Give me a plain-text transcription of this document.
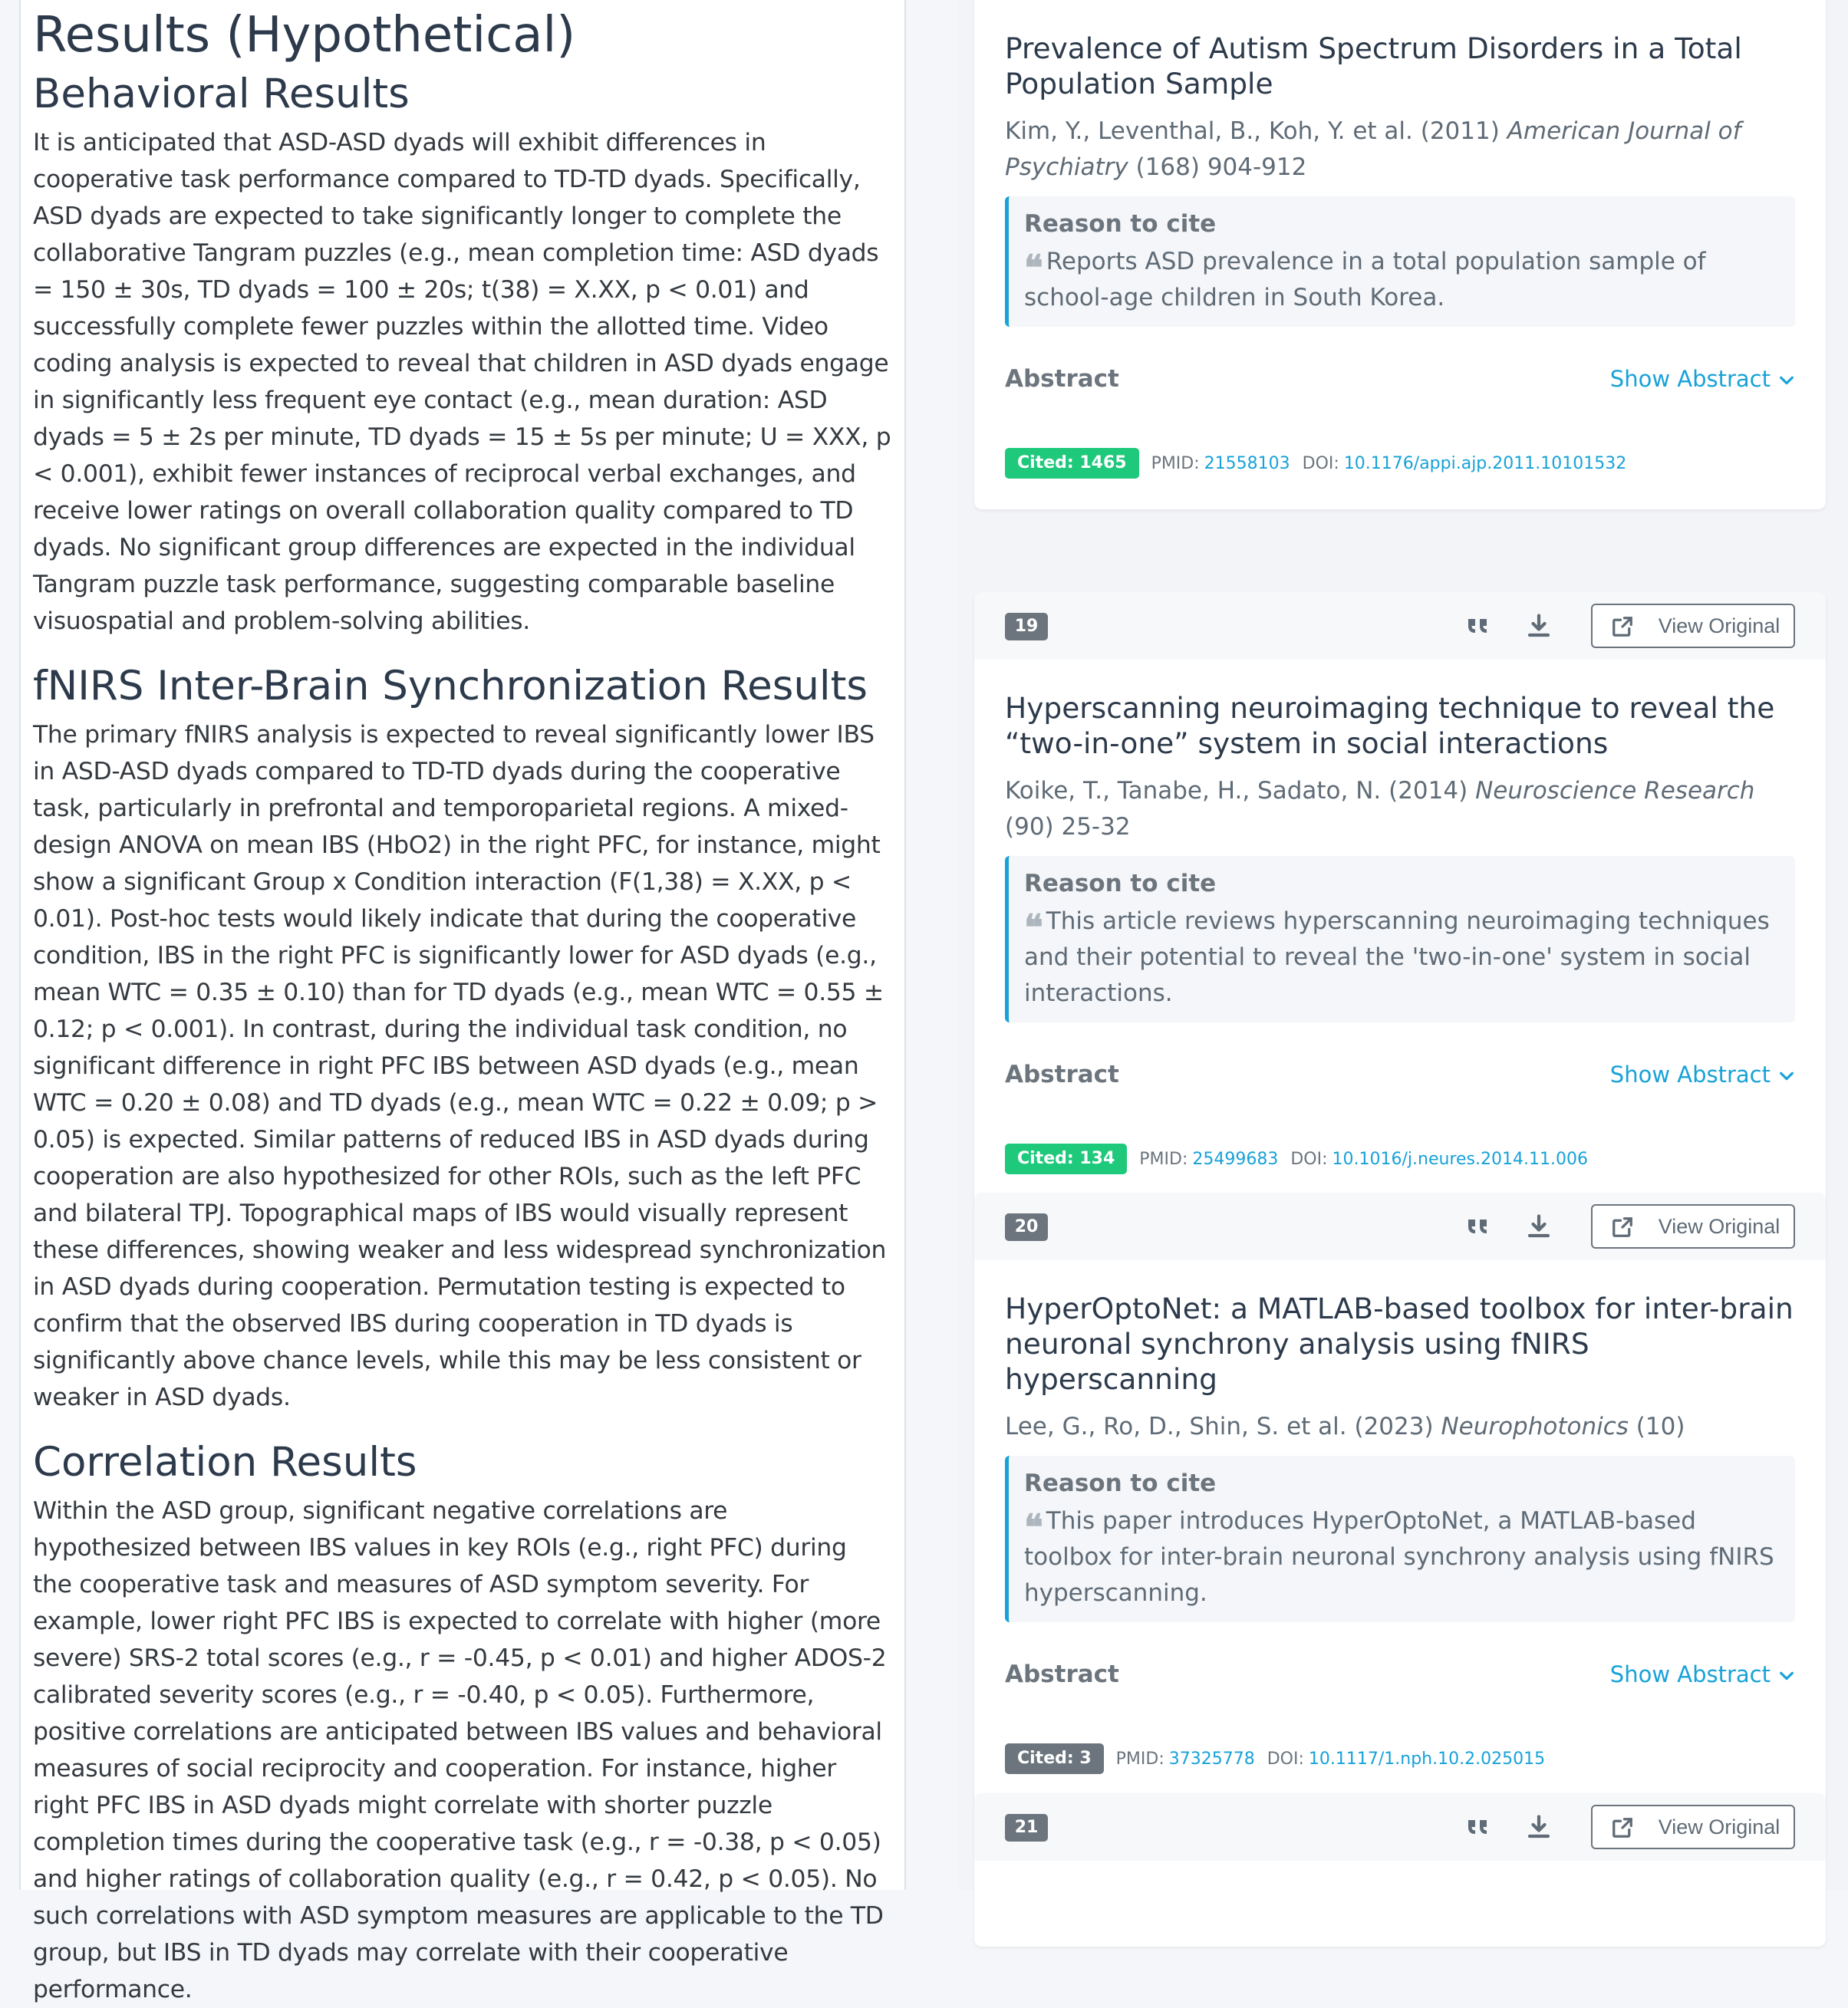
Results (Hypothetical)
Behavioral Results

It is anticipated that ASD-ASD dyads will exhibit differences in cooperative task performance compared to TD-TD dyads. Specifically, ASD dyads are expected to take significantly longer to complete the collaborative Tangram puzzles (e.g., mean completion time: ASD dyads = 150 ± 30s, TD dyads = 100 ± 20s; t(38) = X.XX, p < 0.01) and successfully complete fewer puzzles within the allotted time. Video coding analysis is expected to reveal that children in ASD dyads engage in significantly less frequent eye contact (e.g., mean duration: ASD dyads = 5 ± 2s per minute, TD dyads = 15 ± 5s per minute; U = XXX, p < 0.001), exhibit fewer instances of reciprocal verbal exchanges, and receive lower ratings on overall collaboration quality compared to TD dyads. No significant group differences are expected in the individual Tangram puzzle task performance, suggesting comparable baseline visuospatial and problem-solving abilities.

fNIRS Inter-Brain Synchronization Results

The primary fNIRS analysis is expected to reveal significantly lower IBS in ASD-ASD dyads compared to TD-TD dyads during the cooperative task, particularly in prefrontal and temporoparietal regions. A mixed-design ANOVA on mean IBS (HbO2) in the right PFC, for instance, might show a significant Group x Condition interaction (F(1,38) = X.XX, p < 0.01). Post-hoc tests would likely indicate that during the cooperative condition, IBS in the right PFC is significantly lower for ASD dyads (e.g., mean WTC = 0.35 ± 0.10) than for TD dyads (e.g., mean WTC = 0.55 ± 0.12; p < 0.001). In contrast, during the individual task condition, no significant difference in right PFC IBS between ASD dyads (e.g., mean WTC = 0.20 ± 0.08) and TD dyads (e.g., mean WTC = 0.22 ± 0.09; p > 0.05) is expected. Similar patterns of reduced IBS in ASD dyads during cooperation are also hypothesized for other ROIs, such as the left PFC and bilateral TPJ. Topographical maps of IBS would visually represent these differences, showing weaker and less widespread synchronization in ASD dyads during cooperation. Permutation testing is expected to confirm that the observed IBS during cooperation in TD dyads is significantly above chance levels, while this may be less consistent or weaker in ASD dyads.

Correlation Results

Within the ASD group, significant negative correlations are hypothesized between IBS values in key ROIs (e.g., right PFC) during the cooperative task and measures of ASD symptom severity. For example, lower right PFC IBS is expected to correlate with higher (more severe) SRS-2 total scores (e.g., r = -0.45, p < 0.01) and higher ADOS-2 calibrated severity scores (e.g., r = -0.40, p < 0.05). Furthermore, positive correlations are anticipated between IBS values and behavioral measures of social reciprocity and cooperation. For instance, higher right PFC IBS in ASD dyads might correlate with shorter puzzle completion times during the cooperative task (e.g., r = -0.38, p < 0.05) and higher ratings of collaboration quality (e.g., r = 0.42, p < 0.05). No such correlations with ASD symptom measures are applicable to the TD group, but IBS in TD dyads may correlate with their cooperative performance.

Prevalence of Autism Spectrum Disorders in a Total Population Sample
Kim, Y., Leventhal, B., Koh, Y. et al. (2011) American Journal of Psychiatry (168) 904-912
Reason to cite
❝ Reports ASD prevalence in a total population sample of school-age children in South Korea.
Abstract	Show Abstract
Cited: 1465	PMID: 21558103 DOI: 10.1176/appi.ajp.2011.10101532
19	View Original
Hyperscanning neuroimaging technique to reveal the “two-in-one” system in social interactions
Koike, T., Tanabe, H., Sadato, N. (2014) Neuroscience Research (90) 25-32
Reason to cite
❝ This article reviews hyperscanning neuroimaging techniques and their potential to reveal the 'two-in-one' system in social interactions.
Abstract	Show Abstract
Cited: 134	PMID: 25499683 DOI: 10.1016/j.neures.2014.11.006
20	View Original
HyperOptoNet: a MATLAB-based toolbox for inter-brain neuronal synchrony analysis using fNIRS hyperscanning
Lee, G., Ro, D., Shin, S. et al. (2023) Neurophotonics (10)
Reason to cite
❝ This paper introduces HyperOptoNet, a MATLAB-based toolbox for inter-brain neuronal synchrony analysis using fNIRS hyperscanning.
Abstract	Show Abstract
Cited: 3	PMID: 37325778 DOI: 10.1117/1.nph.10.2.025015
21	View Original
